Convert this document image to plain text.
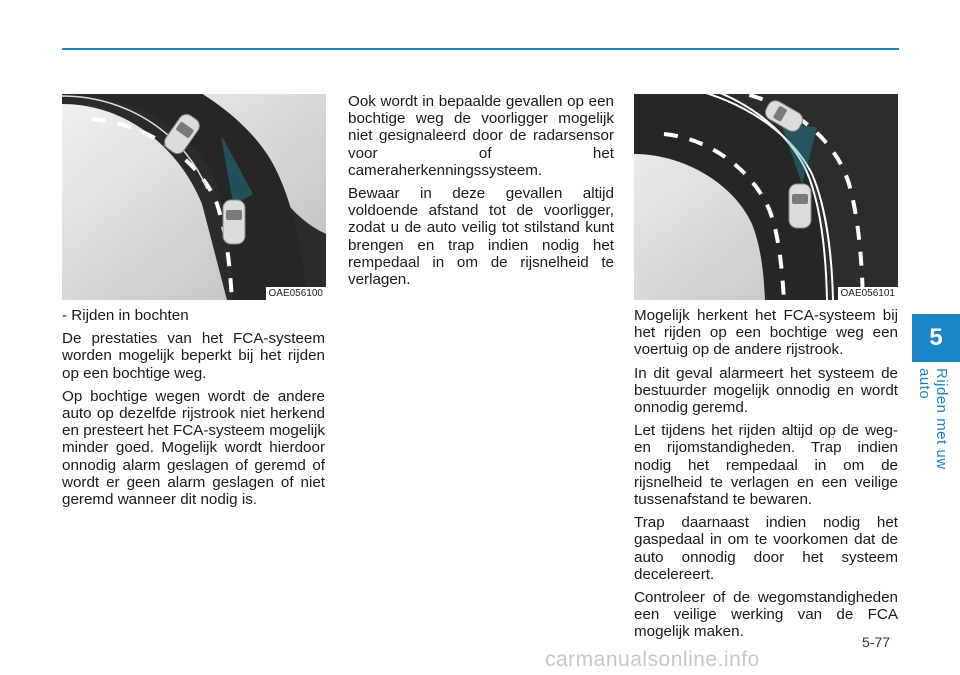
OAE056100	OAE056101

- Rijden in bochten

De prestaties van het FCA-systeem worden mogelijk beperkt bij het rijden op een bochtige weg.

Op bochtige wegen wordt de andere auto op dezelfde rijstrook niet herkend en presteert het FCA-systeem mogelijk minder goed. Mogelijk wordt hierdoor onnodig alarm geslagen of geremd of wordt er geen alarm geslagen of niet geremd wanneer dit nodig is.

Ook wordt in bepaalde gevallen op een bochtige weg de voorligger mogelijk niet gesignaleerd door de radarsensor voor of het cameraherkenningssysteem.

Bewaar in deze gevallen altijd voldoende afstand tot de voorligger, zodat u de auto veilig tot stilstand kunt brengen en trap indien nodig het rempedaal in om de rijsnelheid te verlagen.

Mogelijk herkent het FCA-systeem bij het rijden op een bochtige weg een voertuig op de andere rijstrook.

In dit geval alarmeert het systeem de bestuurder mogelijk onnodig en wordt onnodig geremd.

Let tijdens het rijden altijd op de weg-en rijomstandigheden. Trap indien nodig het rempedaal in om de rijsnelheid te verlagen en een veilige tussenafstand te bewaren.

Trap daarnaast indien nodig het gaspedaal in om te voorkomen dat de auto onnodig door het systeem decelereert.

Controleer of de wegomstandigheden een veilige werking van de FCA mogelijk maken.

5
Rijden met uw auto
5-77
carmanualsonline.info
